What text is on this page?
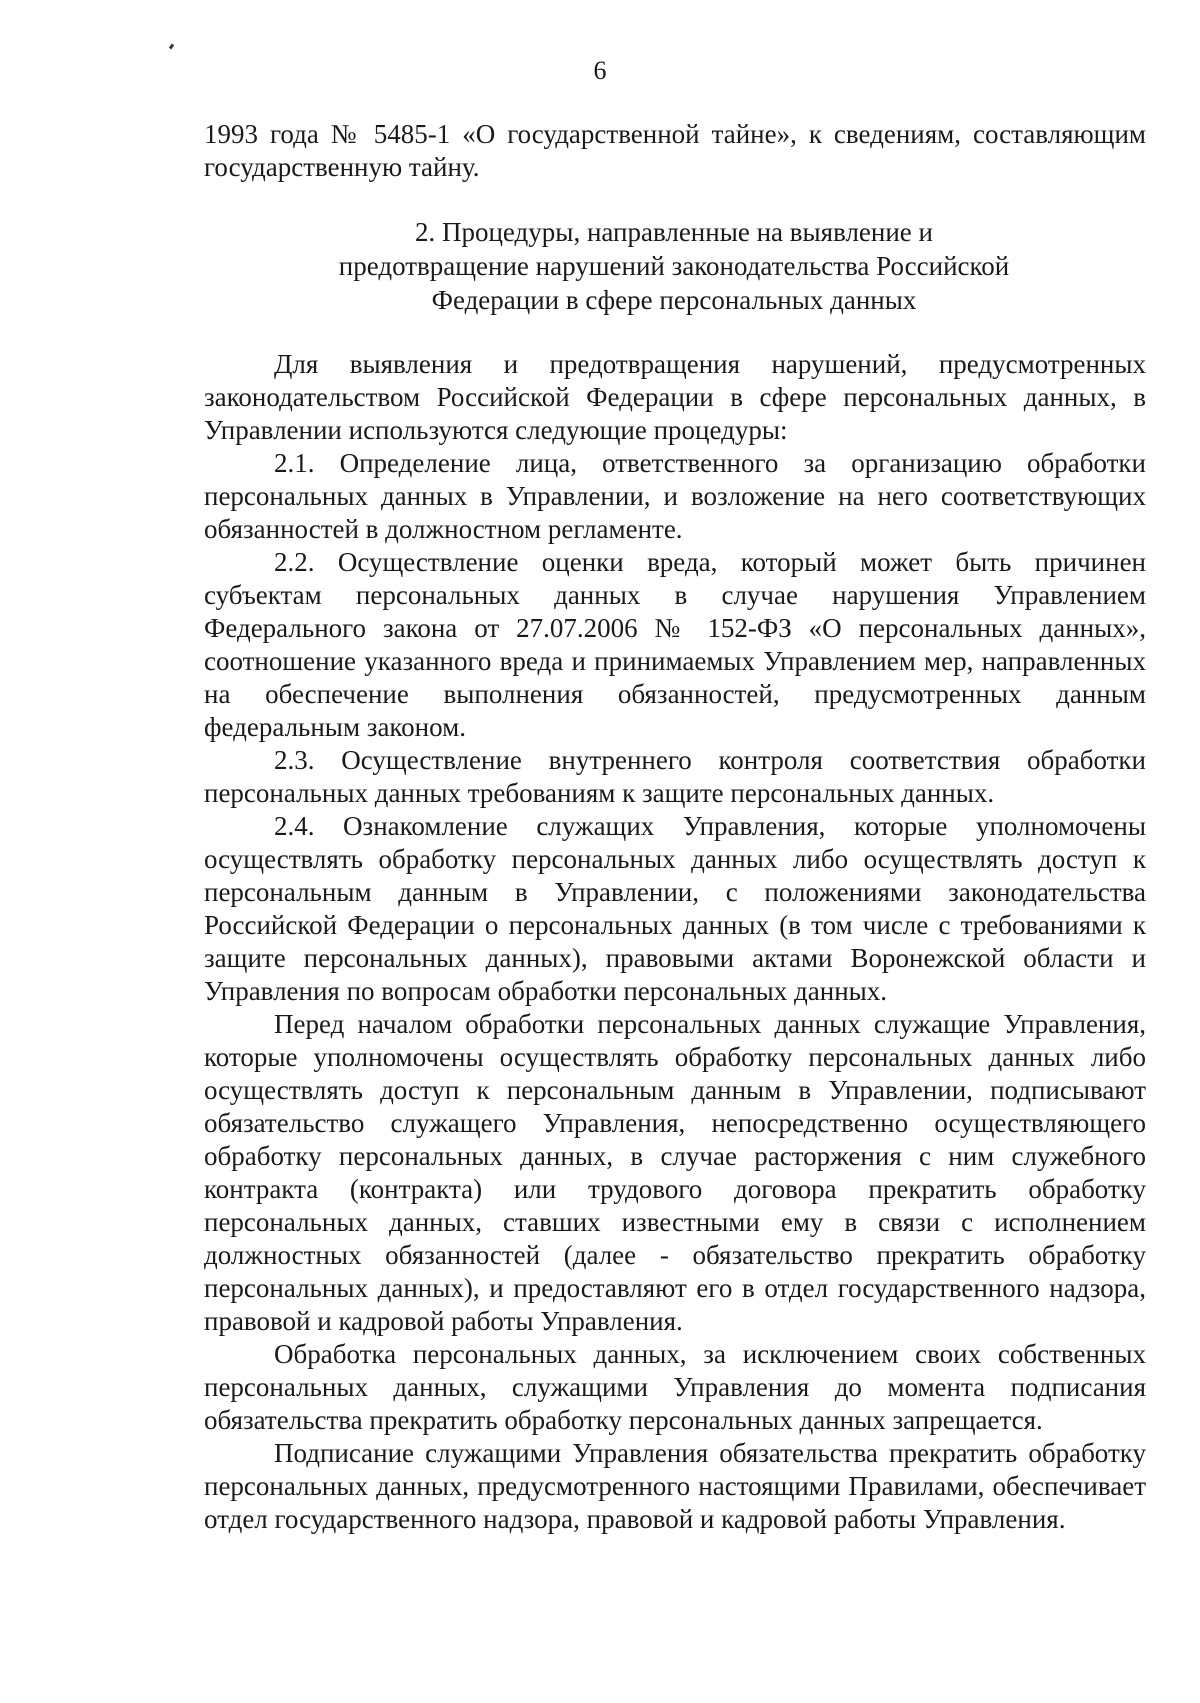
6

1993 года № 5485-1 «О государственной тайне», к сведениям, составляющим государственную тайну.

2. Процедуры, направленные на выявление и предотвращение нарушений законодательства Российской Федерации в сфере персональных данных

Для выявления и предотвращения нарушений, предусмотренных законодательством Российской Федерации в сфере персональных данных, в Управлении используются следующие процедуры:

2.1. Определение лица, ответственного за организацию обработки персональных данных в Управлении, и возложение на него соответствующих обязанностей в должностном регламенте.

2.2. Осуществление оценки вреда, который может быть причинен субъектам персональных данных в случае нарушения Управлением Федерального закона от 27.07.2006 № 152-ФЗ «О персональных данных», соотношение указанного вреда и принимаемых Управлением мер, направленных на обеспечение выполнения обязанностей, предусмотренных данным федеральным законом.

2.3. Осуществление внутреннего контроля соответствия обработки персональных данных требованиям к защите персональных данных.

2.4. Ознакомление служащих Управления, которые уполномочены осуществлять обработку персональных данных либо осуществлять доступ к персональным данным в Управлении, с положениями законодательства Российской Федерации о персональных данных (в том числе с требованиями к защите персональных данных), правовыми актами Воронежской области и Управления по вопросам обработки персональных данных.

Перед началом обработки персональных данных служащие Управления, которые уполномочены осуществлять обработку персональных данных либо осуществлять доступ к персональным данным в Управлении, подписывают обязательство служащего Управления, непосредственно осуществляющего обработку персональных данных, в случае расторжения с ним служебного контракта (контракта) или трудового договора прекратить обработку персональных данных, ставших известными ему в связи с исполнением должностных обязанностей (далее - обязательство прекратить обработку персональных данных), и предоставляют его в отдел государственного надзора, правовой и кадровой работы Управления.

Обработка персональных данных, за исключением своих собственных персональных данных, служащими Управления до момента подписания обязательства прекратить обработку персональных данных запрещается.

Подписание служащими Управления обязательства прекратить обработку персональных данных, предусмотренного настоящими Правилами, обеспечивает отдел государственного надзора, правовой и кадровой работы Управления.
